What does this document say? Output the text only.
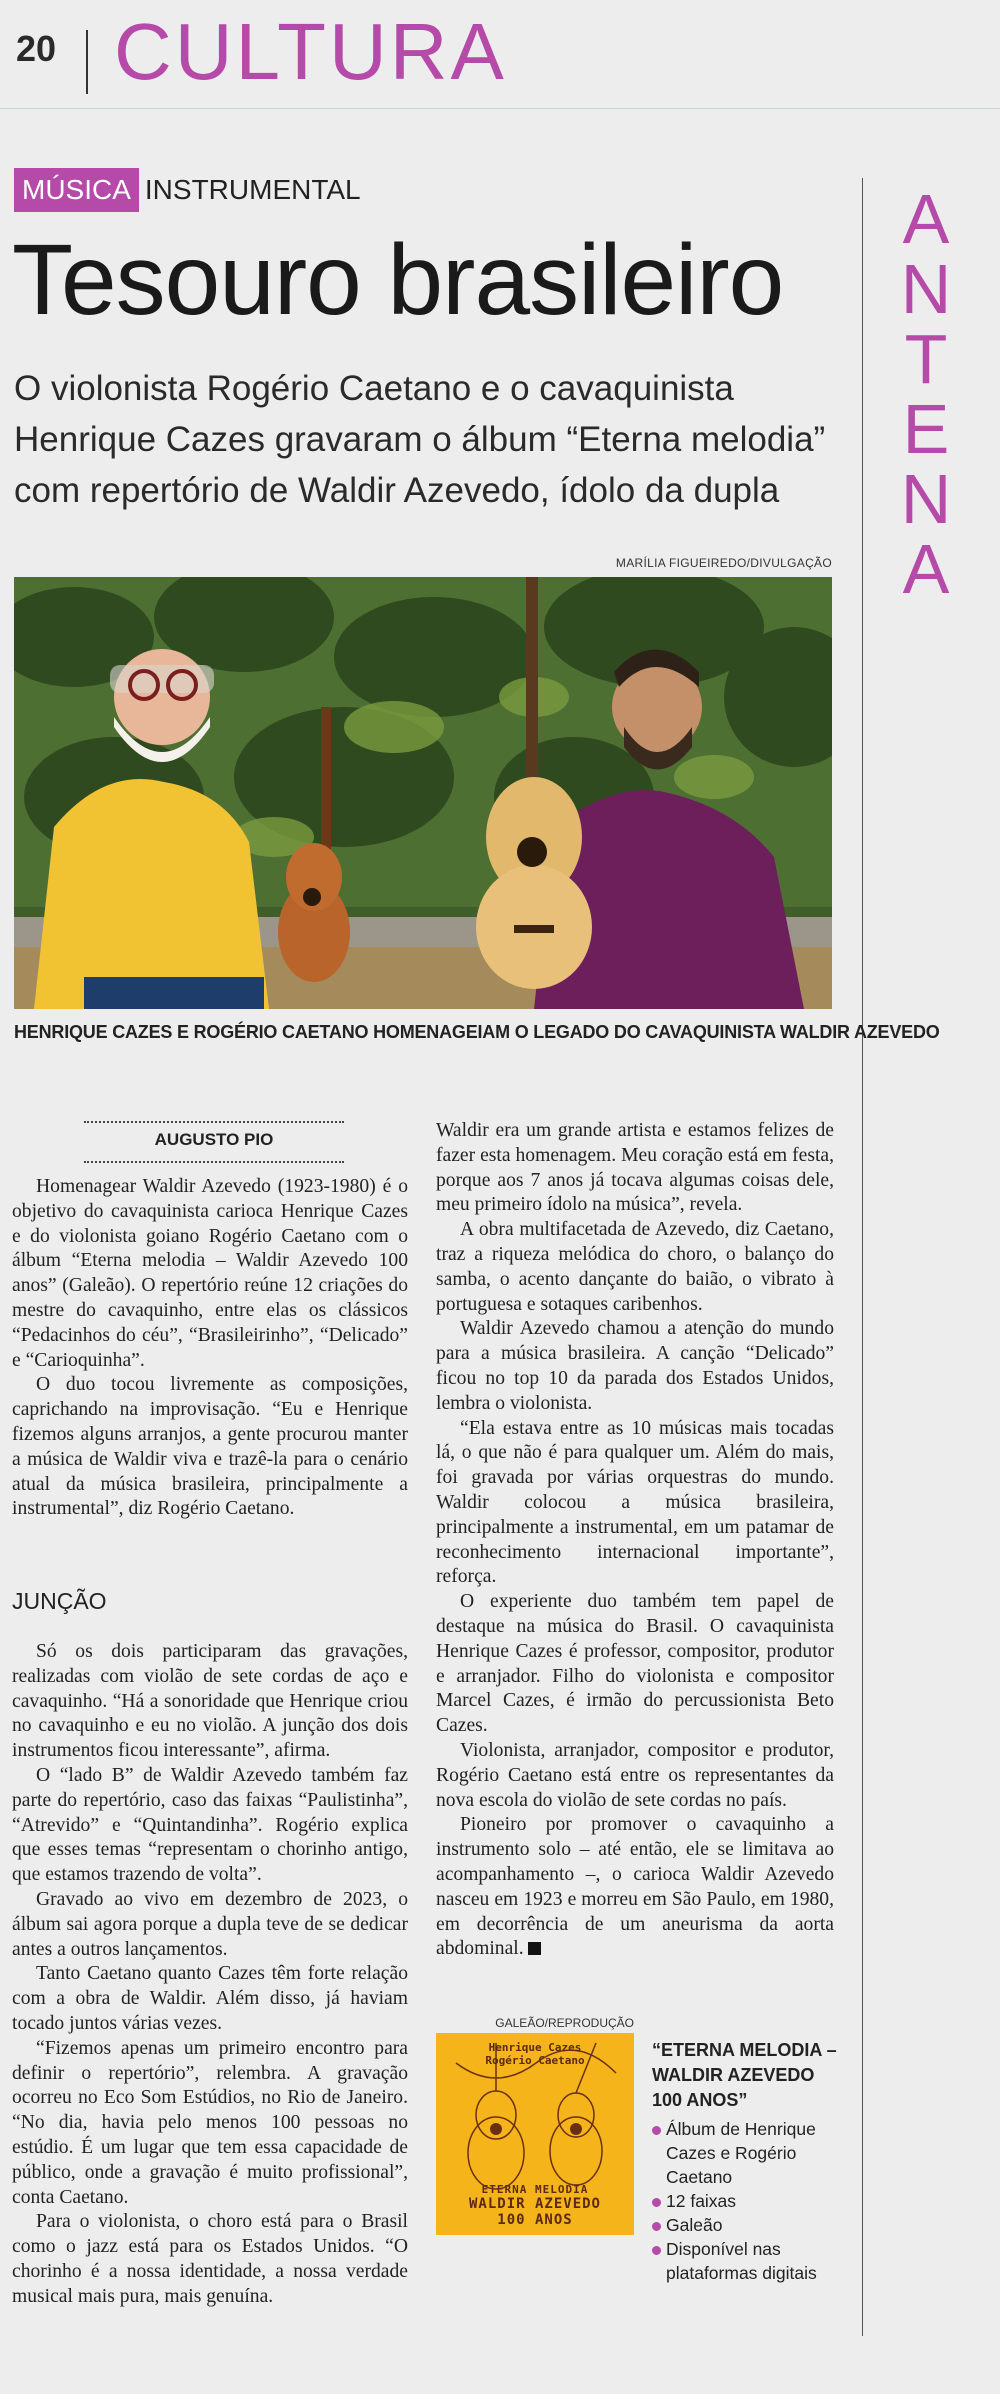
20 CULTURA
A
N
T
E
N
A
MÚSICA INSTRUMENTAL
Tesouro brasileiro
O violonista Rogério Caetano e o cavaquinista Henrique Cazes gravaram o álbum “Eterna melodia” com repertório de Waldir Azevedo, ídolo da dupla
MARÍLIA FIGUEIREDO/DIVULGAÇÃO
HENRIQUE CAZES E ROGÉRIO CAETANO HOMENAGEIAM O LEGADO DO CAVAQUINISTA WALDIR AZEVEDO
AUGUSTO PIO

Homenagear Waldir Azevedo (1923-1980) é o objetivo do cavaquinista carioca Henrique Cazes e do violonista goiano Rogério Caetano com o álbum “Eterna melodia – Waldir Azevedo 100 anos” (Galeão). O repertório reúne 12 criações do mestre do cavaquinho, entre elas os clássicos “Pedacinhos do céu”, “Brasileirinho”, “Delicado” e “Carioquinha”.

O duo tocou livremente as composições, caprichando na improvisação. “Eu e Henrique fizemos alguns arranjos, a gente procurou manter a música de Waldir viva e trazê-la para o cenário atual da música brasileira, principalmente a instrumental”, diz Rogério Caetano.

JUNÇÃO

Só os dois participaram das gravações, realizadas com violão de sete cordas de aço e cavaquinho. “Há a sonoridade que Henrique criou no cavaquinho e eu no violão. A junção dos dois instrumentos ficou interessante”, afirma.

O “lado B” de Waldir Azevedo também faz parte do repertório, caso das faixas “Paulistinha”, “Atrevido” e “Quintandinha”. Rogério explica que esses temas “representam o chorinho antigo, que estamos trazendo de volta”.

Gravado ao vivo em dezembro de 2023, o álbum sai agora porque a dupla teve de se dedicar antes a outros lançamentos.

Tanto Caetano quanto Cazes têm forte relação com a obra de Waldir. Além disso, já haviam tocado juntos várias vezes.

“Fizemos apenas um primeiro encontro para definir o repertório”, relembra. A gravação ocorreu no Eco Som Estúdios, no Rio de Janeiro. “No dia, havia pelo menos 100 pessoas no estúdio. É um lugar que tem essa capacidade de público, onde a gravação é muito profissional”, conta Caetano.

Para o violonista, o choro está para o Brasil como o jazz está para os Estados Unidos. “O chorinho é a nossa identidade, a nossa verdade musical mais pura, mais genuína.

Waldir era um grande artista e estamos felizes de fazer esta homenagem. Meu coração está em festa, porque aos 7 anos já tocava algumas coisas dele, meu primeiro ídolo na música”, revela.

A obra multifacetada de Azevedo, diz Caetano, traz a riqueza melódica do choro, o balanço do samba, o acento dançante do baião, o vibrato à portuguesa e sotaques caribenhos.

Waldir Azevedo chamou a atenção do mundo para a música brasileira. A canção “Delicado” ficou no top 10 da parada dos Estados Unidos, lembra o violonista.

“Ela estava entre as 10 músicas mais tocadas lá, o que não é para qualquer um. Além do mais, foi gravada por várias orquestras do mundo. Waldir colocou a música brasileira, principalmente a instrumental, em um patamar de reconhecimento internacional importante”, reforça.

O experiente duo também tem papel de destaque na música do Brasil. O cavaquinista Henrique Cazes é professor, compositor, produtor e arranjador. Filho do violonista e compositor Marcel Cazes, é irmão do percussionista Beto Cazes.

Violonista, arranjador, compositor e produtor, Rogério Caetano está entre os representantes da nova escola do violão de sete cordas no país.

Pioneiro por promover o cavaquinho a instrumento solo – até então, ele se limitava ao acompanhamento –, o carioca Waldir Azevedo nasceu em 1923 e morreu em São Paulo, em 1980, em decorrência de um aneurisma da aorta abdominal.

GALEÃO/REPRODUÇÃO
Henrique Cazes
Rogério Caetano
ETERNA MELODIA
WALDIR AZEVEDO
100 ANOS
“ETERNA MELODIA – WALDIR AZEVEDO 100 ANOS”
Álbum de Henrique Cazes e Rogério Caetano
12 faixas
Galeão
Disponível nas plataformas digitais
